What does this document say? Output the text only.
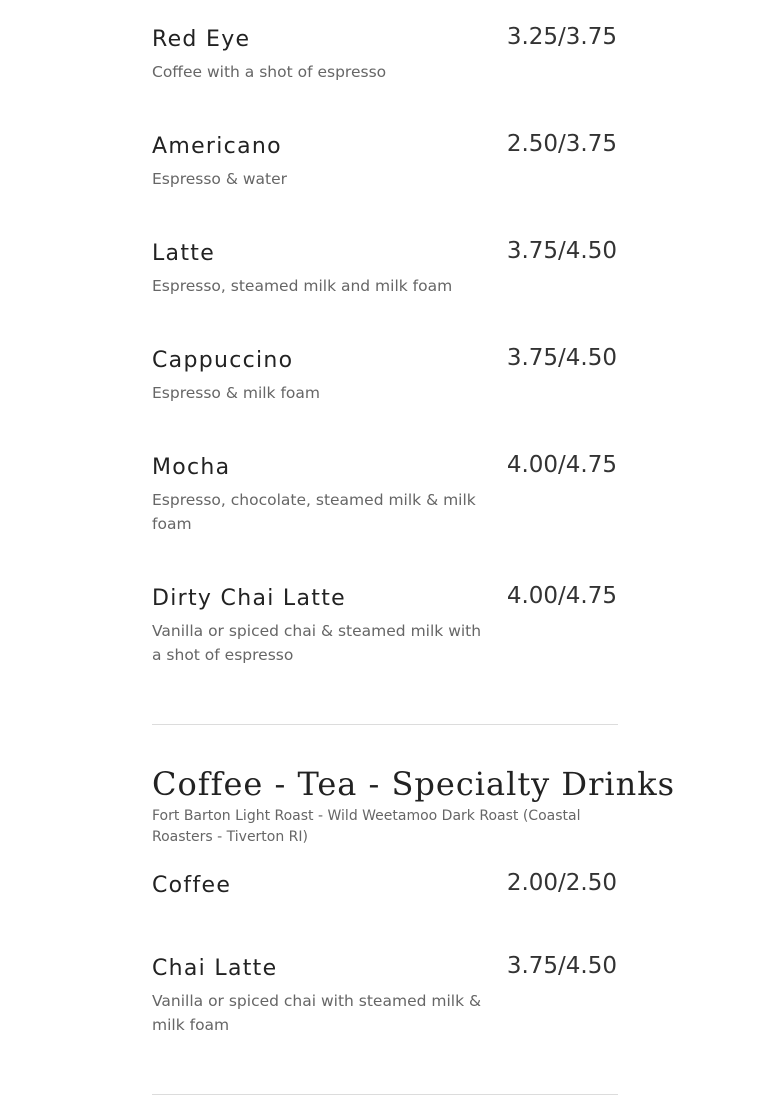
Red Eye	3.25/3.75
Coffee with a shot of espresso
Americano	2.50/3.75
Espresso & water
Latte	3.75/4.50
Espresso, steamed milk and milk foam
Cappuccino	3.75/4.50
Espresso & milk foam
Mocha	4.00/4.75
Espresso, chocolate, steamed milk & milk foam
Dirty Chai Latte	4.00/4.75
Vanilla or spiced chai & steamed milk with a shot of espresso
Coffee - Tea - Specialty Drinks
Fort Barton Light Roast - Wild Weetamoo Dark Roast (Coastal Roasters - Tiverton RI)
Coffee	2.00/2.50
Chai Latte	3.75/4.50
Vanilla or spiced chai with steamed milk & milk foam
